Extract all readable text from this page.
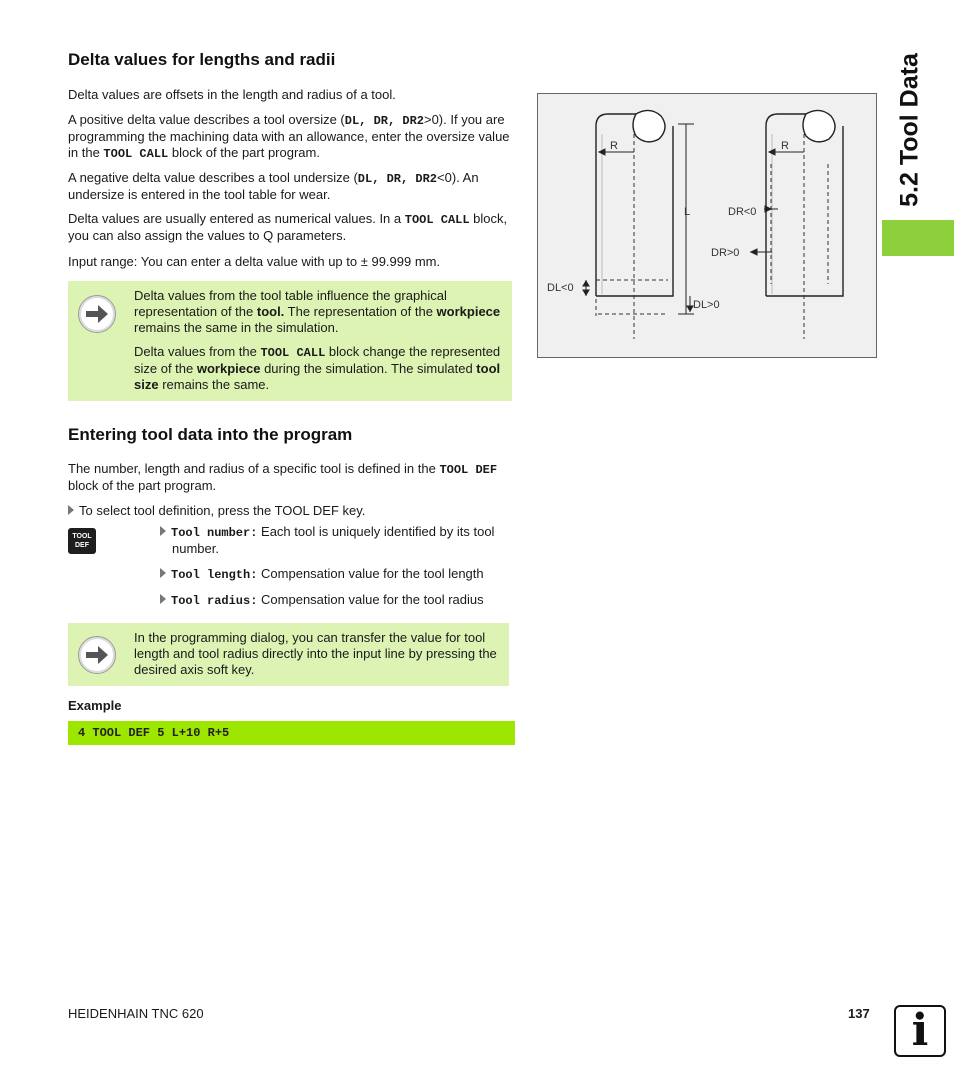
Delta values for lengths and radii

Delta values are offsets in the length and radius of a tool.

A positive delta value describes a tool oversize (DL, DR, DR2>0). If you are programming the machining data with an allowance, enter the oversize value in the TOOL CALL block of the part program.

A negative delta value describes a tool undersize (DL, DR, DR2<0). An undersize is entered in the tool table for wear.

Delta values are usually entered as numerical values. In a TOOL CALL block, you can also assign the values to Q parameters.

Input range: You can enter a delta value with up to ± 99.999 mm.

Delta values from the tool table influence the graphical representation of the tool. The representation of the workpiece remains the same in the simulation.

Delta values from the TOOL CALL block change the represented size of the workpiece during the simulation. The simulated tool size remains the same.

R	R
L	DR<0
DR>0
DL<0
DL>0
5.2 Tool Data
Entering tool data into the program

The number, length and radius of a specific tool is defined in the TOOL DEF block of the part program.

To select tool definition, press the TOOL DEF key.
TOOL
DEF
Tool number: Each tool is uniquely identified by its tool number.
Tool length: Compensation value for the tool length
Tool radius: Compensation value for the tool radius

In the programming dialog, you can transfer the value for tool length and tool radius directly into the input line by pressing the desired axis soft key.

Example
4 TOOL DEF 5 L+10 R+5
HEIDENHAIN TNC 620	137 i
